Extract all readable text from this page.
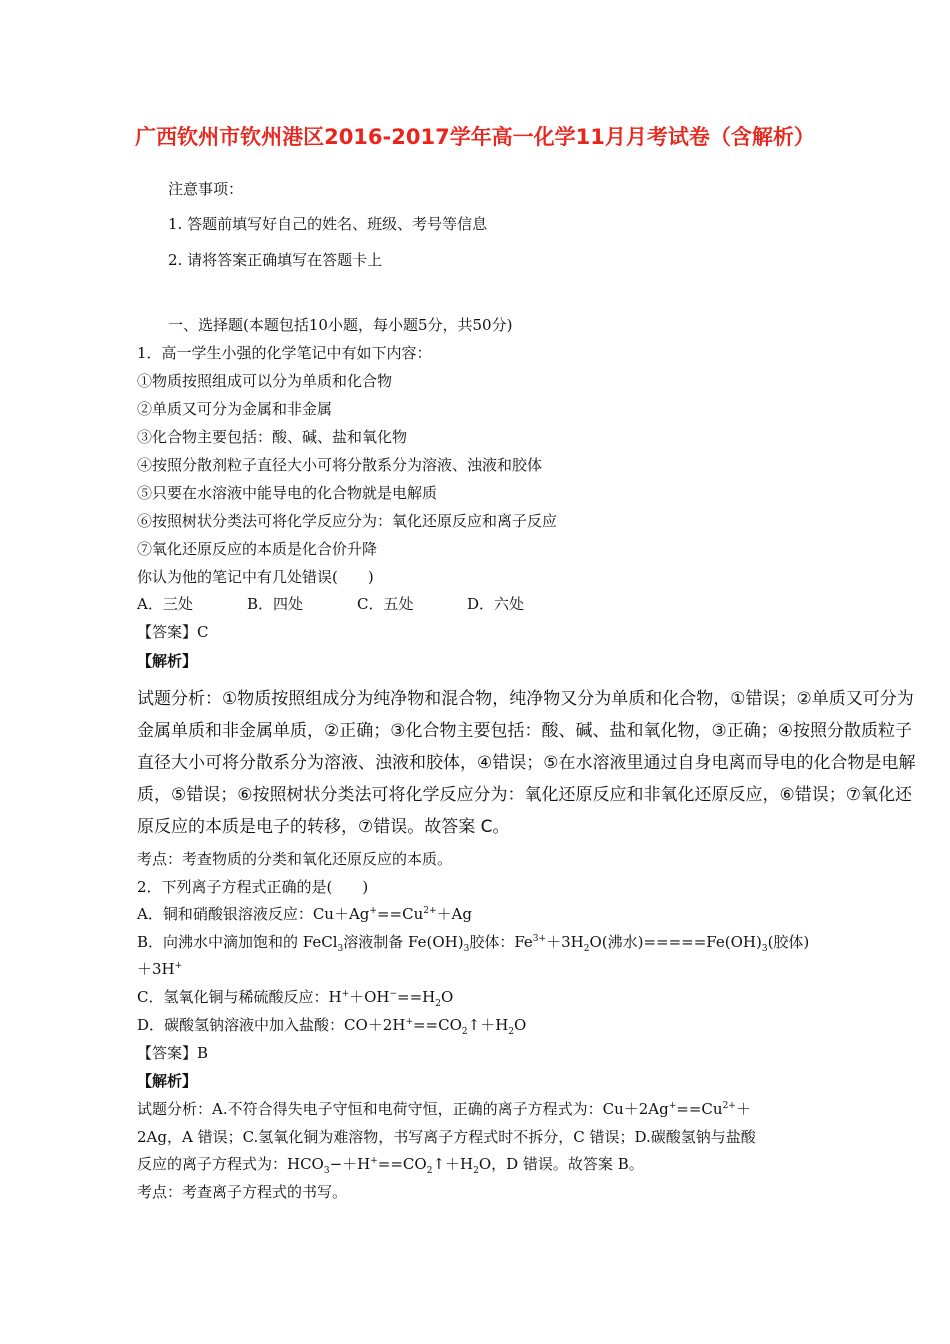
广西钦州市钦州港区2016-2017学年高一化学11月月考试卷（含解析）
注意事项：
1. 答题前填写好自己的姓名、班级、考号等信息
2. 请将答案正确填写在答题卡上
一、选择题(本题包括10小题，每小题5分，共50分)
1．高一学生小强的化学笔记中有如下内容：
①物质按照组成可以分为单质和化合物
②单质又可分为金属和非金属
③化合物主要包括：酸、碱、盐和氧化物
④按照分散剂粒子直径大小可将分散系分为溶液、浊液和胶体
⑤只要在水溶液中能导电的化合物就是电解质
⑥按照树状分类法可将化学反应分为：氧化还原反应和离子反应
⑦氧化还原反应的本质是化合价升降
你认为他的笔记中有几处错误(　　)
A．三处	B．四处	C．五处	D．六处
【答案】C
【解析】
试题分析：①物质按照组成分为纯净物和混合物，纯净物又分为单质和化合物，①错误；②单质又可分为
金属单质和非金属单质，②正确；③化合物主要包括：酸、碱、盐和氧化物，③正确；④按照分散质粒子
直径大小可将分散系分为溶液、浊液和胶体，④错误；⑤在水溶液里通过自身电离而导电的化合物是电解
质，⑤错误；⑥按照树状分类法可将化学反应分为：氧化还原反应和非氧化还原反应，⑥错误；⑦氧化还
原反应的本质是电子的转移，⑦错误。故答案 C。
考点：考查物质的分类和氧化还原反应的本质。
2．下列离子方程式正确的是(　　)
A．铜和硝酸银溶液反应：$Cu+Ag^+==Cu^{2+}+Ag$
B．向沸水中滴加饱和的 FeCl$_3$溶液制备 $Fe(OH)_3$胶体：$Fe^{3+}+3H_2O$(沸水)$=====Fe(OH)_3$(胶体)
＋3H+
C．氢氧化铜与稀硫酸反应：$H^++OH^-==H_2O$
D．碳酸氢钠溶液中加入盐酸：$CO+2H^+==CO_2↑+H_2O$
【答案】B
【解析】
试题分析：A.不符合得失电子守恒和电荷守恒，正确的离子方程式为：$Cu+2Ag^+==Cu^{2+}+$
2Ag，A 错误；C.氢氧化铜为难溶物，书写离子方程式时不拆分，C 错误；D.碳酸氢钠与盐酸
反应的离子方程式为：$HCO_3-+H^+==CO_2↑+H_2O$，D 错误。故答案 B。
考点：考查离子方程式的书写。
